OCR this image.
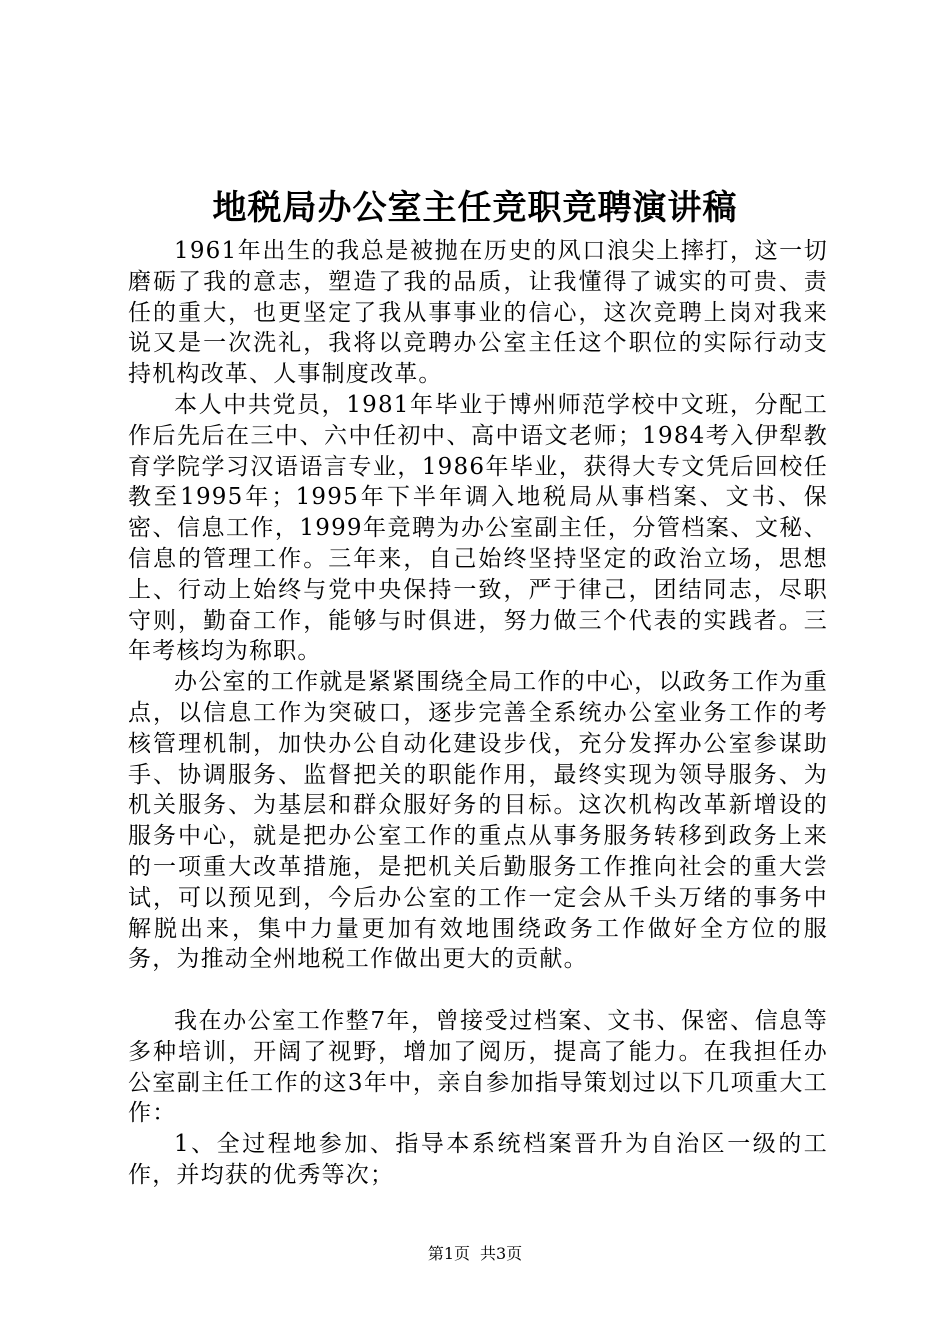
地税局办公室主任竞职竞聘演讲稿

1961年出生的我总是被抛在历史的风口浪尖上摔打，这一切磨砺了我的意志，塑造了我的品质，让我懂得了诚实的可贵、责任的重大，也更坚定了我从事事业的信心，这次竞聘上岗对我来说又是一次洗礼，我将以竞聘办公室主任这个职位的实际行动支持机构改革、人事制度改革。

本人中共党员，1981年毕业于博州师范学校中文班，分配工作后先后在三中、六中任初中、高中语文老师；1984考入伊犁教育学院学习汉语语言专业，1986年毕业，获得大专文凭后回校任教至1995年；1995年下半年调入地税局从事档案、文书、保密、信息工作，1999年竞聘为办公室副主任，分管档案、文秘、信息的管理工作。三年来，自己始终坚持坚定的政治立场，思想上、行动上始终与党中央保持一致，严于律己，团结同志，尽职守则，勤奋工作，能够与时俱进，努力做三个代表的实践者。三年考核均为称职。

办公室的工作就是紧紧围绕全局工作的中心，以政务工作为重点，以信息工作为突破口，逐步完善全系统办公室业务工作的考核管理机制，加快办公自动化建设步伐，充分发挥办公室参谋助手、协调服务、监督把关的职能作用，最终实现为领导服务、为机关服务、为基层和群众服好务的目标。这次机构改革新增设的服务中心，就是把办公室工作的重点从事务服务转移到政务上来的一项重大改革措施，是把机关后勤服务工作推向社会的重大尝试，可以预见到，今后办公室的工作一定会从千头万绪的事务中解脱出来，集中力量更加有效地围绕政务工作做好全方位的服务，为推动全州地税工作做出更大的贡献。

我在办公室工作整7年，曾接受过档案、文书、保密、信息等多种培训，开阔了视野，增加了阅历，提高了能力。在我担任办公室副主任工作的这3年中，亲自参加指导策划过以下几项重大工作：

1、全过程地参加、指导本系统档案晋升为自治区一级的工作，并均获的优秀等次；

第1页 共3页
